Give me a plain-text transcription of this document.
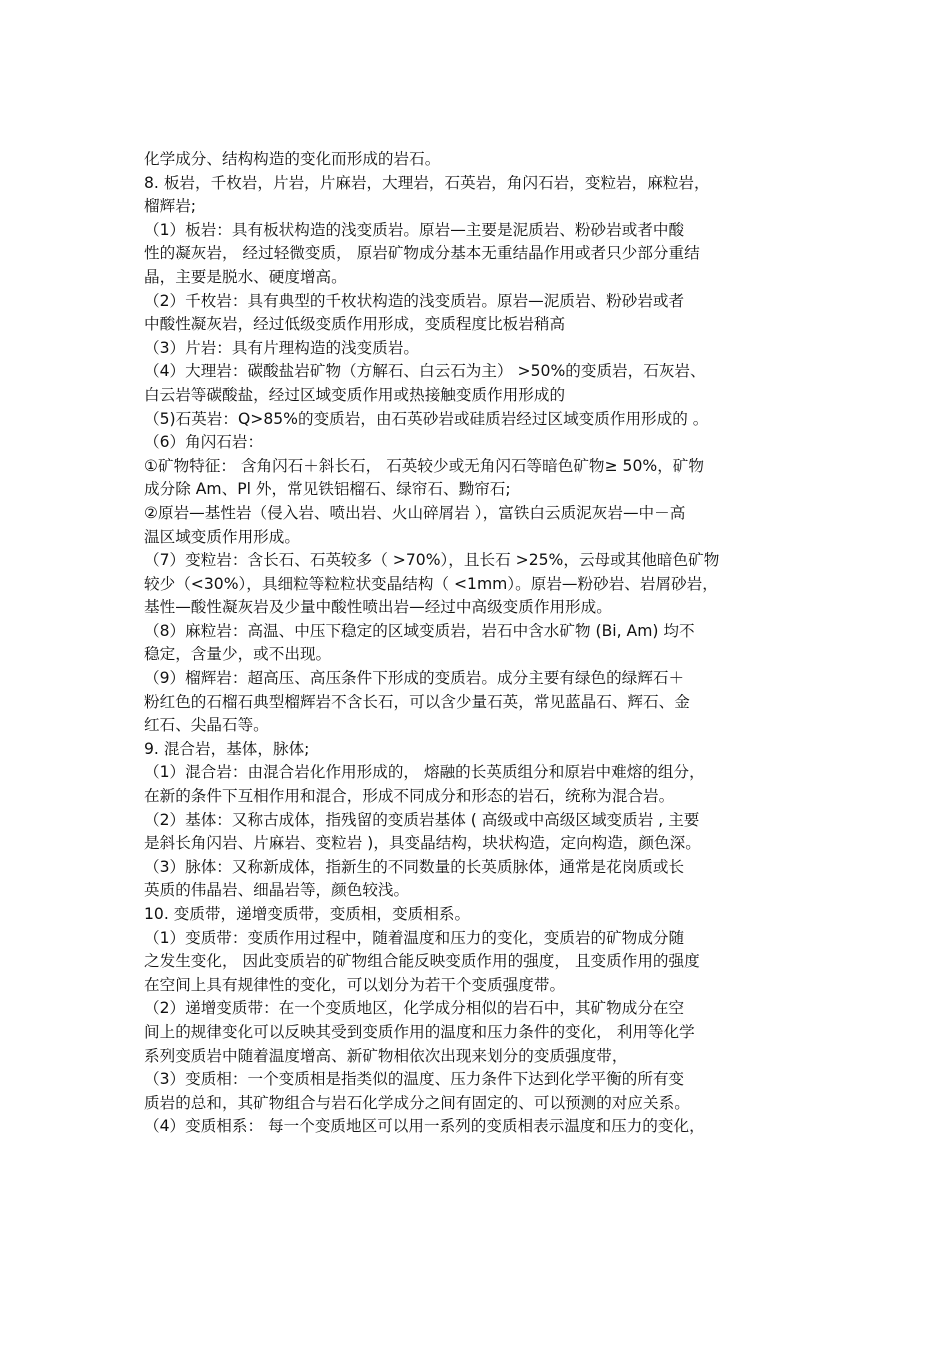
化学成分、结构构造的变化而形成的岩石。
8. 板岩，千枚岩，片岩，片麻岩，大理岩，石英岩，角闪石岩，变粒岩，麻粒岩，
榴辉岩;
（1）板岩：具有板状构造的浅变质岩。原岩—主要是泥质岩、粉砂岩或者中酸
性的凝灰岩， 经过轻微变质， 原岩矿物成分基本无重结晶作用或者只少部分重结
晶，主要是脱水、硬度增高。
（2）千枚岩：具有典型的千枚状构造的浅变质岩。原岩—泥质岩、粉砂岩或者
中酸性凝灰岩，经过低级变质作用形成，变质程度比板岩稍高
（3）片岩：具有片理构造的浅变质岩。
（4）大理岩：碳酸盐岩矿物（方解石、白云石为主） >50%的变质岩，石灰岩、
白云岩等碳酸盐，经过区域变质作用或热接触变质作用形成的
（5)石英岩：Q>85%的变质岩，由石英砂岩或硅质岩经过区域变质作用形成的 。
（6）角闪石岩：
①矿物特征： 含角闪石＋斜长石， 石英较少或无角闪石等暗色矿物≥ 50%，矿物
成分除 Am、Pl 外，常见铁铝榴石、绿帘石、黝帘石;
②原岩—基性岩（侵入岩、喷出岩、火山碎屑岩 ），富铁白云质泥灰岩—中－高
温区域变质作用形成。
（7）变粒岩：含长石、石英较多（ >70%），且长石 >25%，云母或其他暗色矿物
较少（<30%），具细粒等粒粒状变晶结构（ <1mm）。原岩—粉砂岩、岩屑砂岩，
基性—酸性凝灰岩及少量中酸性喷出岩—经过中高级变质作用形成。
（8）麻粒岩：高温、中压下稳定的区域变质岩，岩石中含水矿物 (Bi, Am) 均不
稳定，含量少，或不出现。
（9）榴辉岩：超高压、高压条件下形成的变质岩。成分主要有绿色的绿辉石＋
粉红色的石榴石典型榴辉岩不含长石，可以含少量石英，常见蓝晶石、辉石、金
红石、尖晶石等。
9. 混合岩，基体，脉体;
（1）混合岩：由混合岩化作用形成的， 熔融的长英质组分和原岩中难熔的组分，
在新的条件下互相作用和混合，形成不同成分和形态的岩石，统称为混合岩。
（2）基体：又称古成体，指残留的变质岩基体 ( 高级或中高级区域变质岩 , 主要
是斜长角闪岩、片麻岩、变粒岩 )，具变晶结构，块状构造，定向构造，颜色深。
（3）脉体：又称新成体，指新生的不同数量的长英质脉体，通常是花岗质或长
英质的伟晶岩、细晶岩等，颜色较浅。
10. 变质带，递增变质带，变质相，变质相系。
（1）变质带：变质作用过程中，随着温度和压力的变化，变质岩的矿物成分随
之发生变化， 因此变质岩的矿物组合能反映变质作用的强度， 且变质作用的强度
在空间上具有规律性的变化，可以划分为若干个变质强度带。
（2）递增变质带：在一个变质地区，化学成分相似的岩石中，其矿物成分在空
间上的规律变化可以反映其受到变质作用的温度和压力条件的变化， 利用等化学
系列变质岩中随着温度增高、新矿物相依次出现来划分的变质强度带，
（3）变质相：一个变质相是指类似的温度、压力条件下达到化学平衡的所有变
质岩的总和，其矿物组合与岩石化学成分之间有固定的、可以预测的对应关系。
（4）变质相系： 每一个变质地区可以用一系列的变质相表示温度和压力的变化，
